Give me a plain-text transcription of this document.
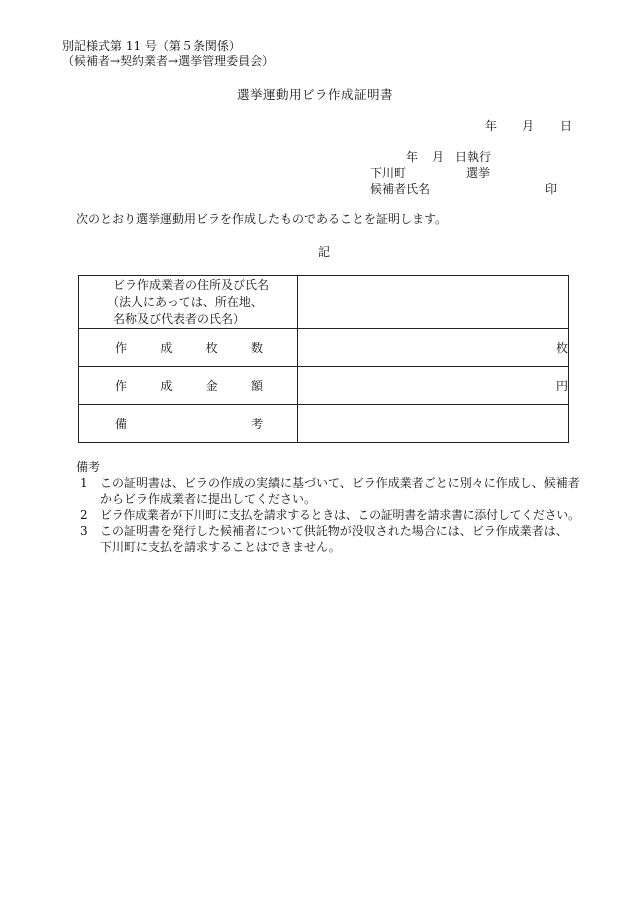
別記様式第 11 号（第５条関係）
（候補者→契約業者→選挙管理委員会）
選挙運動用ビラ作成証明書
年 月 日
年 月 日執行
下川町	選挙
候補者氏名	印
次のとおり選挙運動用ビラを作成したものであることを証明します。
記
ビラ作成業者の住所及び氏名
（法人にあっては、所在地、
名称及び代表者の氏名）	

作 成 枚 数	枚

作 成 金 額	円

備 考	

備考
1 この証明書は、ビラの作成の実績に基づいて、ビラ作成業者ごとに別々に作成し、候補者
からビラ作成業者に提出してください。
2 ビラ作成業者が下川町に支払を請求するときは、この証明書を請求書に添付してください。
3 この証明書を発行した候補者について供託物が没収された場合には、ビラ作成業者は、
下川町に支払を請求することはできません。
